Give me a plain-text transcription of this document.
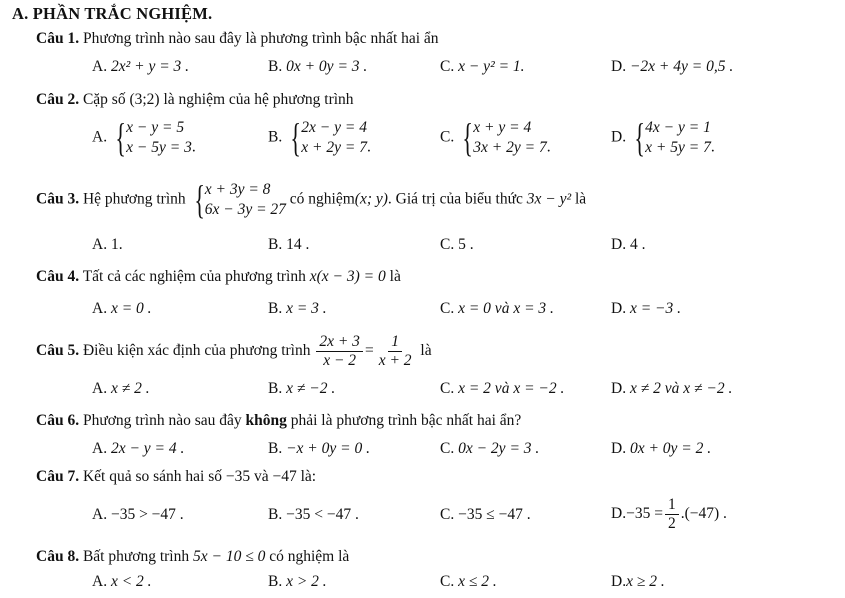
A. PHẦN TRẮC NGHIỆM.
Câu 1. Phương trình nào sau đây là phương trình bậc nhất hai ẩn
A. 2x² + y = 3 .	B. 0x + 0y = 3 .	C. x − y² = 1.	D. −2x + 4y = 0,5 .
Câu 2. Cặp số (3;2) là nghiệm của hệ phương trình
A. { x − y = 5
x − 5y = 3 .
B. { 2x − y = 4
x + 2y = 7 .
C. { x + y = 4
3x + 2y = 7 .
D. { 4x − y = 1
x + 5y = 7 .
Câu 3. Hệ phương trình { x + 3y = 8
6x − 3y = 27
có nghiệm(x; y). Giá trị của biểu thức 3x − y² là
A. 1.	B. 14 .	C. 5 .	D. 4 .
Câu 4. Tất cả các nghiệm của phương trình x(x − 3) = 0 là
A. x = 0 .	B. x = 3 .	C. x = 0 và x = 3 .	D. x = −3 .
Câu 5. Điều kiện xác định của phương trình $\frac{2x + 3}{x - 2} = \frac{1}{x + 2}$ là
A. x ≠ 2 .	B. x ≠ −2 .	C. x = 2 và x = −2 .	D. x ≠ 2 và x ≠ −2 .
Câu 6. Phương trình nào sau đây không phải là phương trình bậc nhất hai ẩn?
A. 2x − y = 4 .	B. −x + 0y = 0 .	C. 0x − 2y = 3 .	D. 0x + 0y = 2 .
Câu 7. Kết quả so sánh hai số −35 và −47 là:
A. −35 > −47 .	B. −35 < −47 .	C. −35 ≤ −47 .	$D.-35 = \frac{1}{2} .(-47)$ .
Câu 8. Bất phương trình 5x − 10 ≤ 0 có nghiệm là
A. x < 2 .	B. x > 2 .	C. x ≤ 2 .	D.x ≥ 2 .
